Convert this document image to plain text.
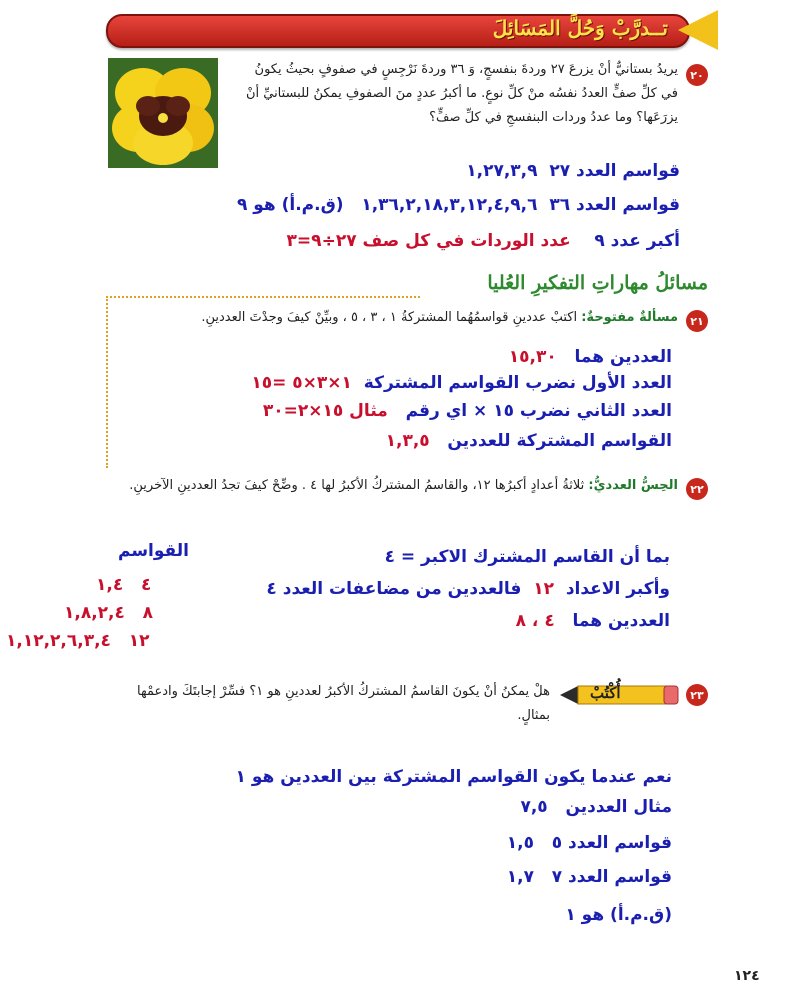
تــدرَّبْ وَحُلَّ المَسَائِلَ
٢٠
يريدُ بستانيٌّ أنْ يزرعَ ٢٧ وردةَ بنفسجٍ، وَ ٣٦ وردةَ نَرْجِسٍ في صفوفٍ بحيثُ يكونُ في كلِّ صفٍّ العددُ نفسُه منْ كلِّ نوعٍ. ما أكبرُ عددٍ منَ الصفوفِ يمكنُ للبستانيِّ أنْ يزرَعَها؟ وما عددُ وردات البنفسجِ في كلِّ صفٍّ؟
قواسم العدد ٢٧  ١,٢٧,٣,٩
قواسم العدد ٣٦  ١,٣٦,٢,١٨,٣,١٢,٤,٩,٦   (ق.م.أ) هو ٩
أكبر عدد ٩    عدد الوردات في كل صف ٢٧÷٩=٣
مسائلُ مهاراتِ التفكيرِ العُليا
٢١
مسألةٌ مفتوحةٌ: اكتبْ عددينِ قواسمُهُما المشتركةُ ١ ، ٣ ، ٥ ، وبيِّنْ كيفَ وجدْتَ العددينِ.
العددين هما   ١٥,٣٠
العدد الأول نضرب القواسم المشتركة  ١×٣×٥ =١٥
العدد الثاني نضرب ١٥ × اي رقم   مثال ١٥×٢=٣٠
القواسم المشتركة للعددين   ١,٣,٥
٢٢
الحِسُّ العدديُّ: ثلاثةُ أعدادٍ أكبرُها ١٢، والقاسمُ المشتركُ الأكبرُ لها ٤ . وضِّحْ كيفَ تجدُ العددينِ الآخرينِ.
بما أن القاسم المشترك الاكبر = ٤
وأكبر الاعداد  ١٢  فالعددين من مضاعفات العدد ٤
العددين هما   ٤ ، ٨
القواسم
٤   ١,٤
٨   ١,٨,٢,٤
١٢   ١,١٢,٢,٦,٣,٤
٢٣
أُكْتُبْ
هلْ يمكنُ أنْ يكونَ القاسمُ المشتركُ الأكبرُ لعددينِ هو ١؟ فسِّرْ إجابتَكَ وادعمْها بمثالٍ.
نعم عندما يكون القواسم المشتركة بين العددين هو ١
مثال العددين   ٧,٥
قواسم العدد ٥   ١,٥
قواسم العدد ٧   ١,٧
(ق.م.أ) هو ١
١٢٤
